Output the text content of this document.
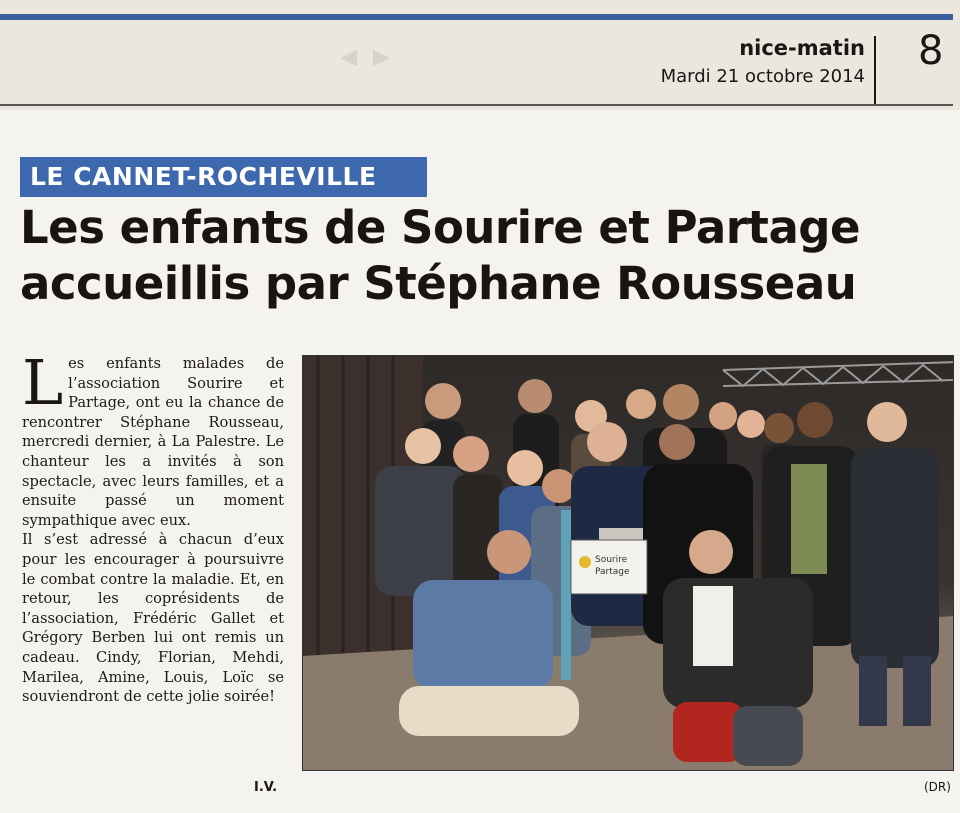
◂ ▸	nice-matin
Mardi 21 octobre 2014
8
LE CANNET-ROCHEVILLE
Les enfants de Sourire et Partage
accueillis par Stéphane Rousseau

Les enfants malades de l’association Sourire et Partage, ont eu la chance de rencontrer Stéphane Rousseau, mercredi dernier, à La Palestre. Le chanteur les a invités à son spectacle, avec leurs familles, et a ensuite passé un moment sympathique avec eux.

Il s’est adressé à chacun d’eux pour les encourager à poursuivre le combat contre la maladie. Et, en retour, les coprésidents de l’association, Frédéric Gallet et Grégory Berben lui ont remis un cadeau. Cindy, Florian, Mehdi, Marilea, Amine, Louis, Loïc se souviendront de cette jolie soirée!

I.V.	(DR)
Sourire
Partage
